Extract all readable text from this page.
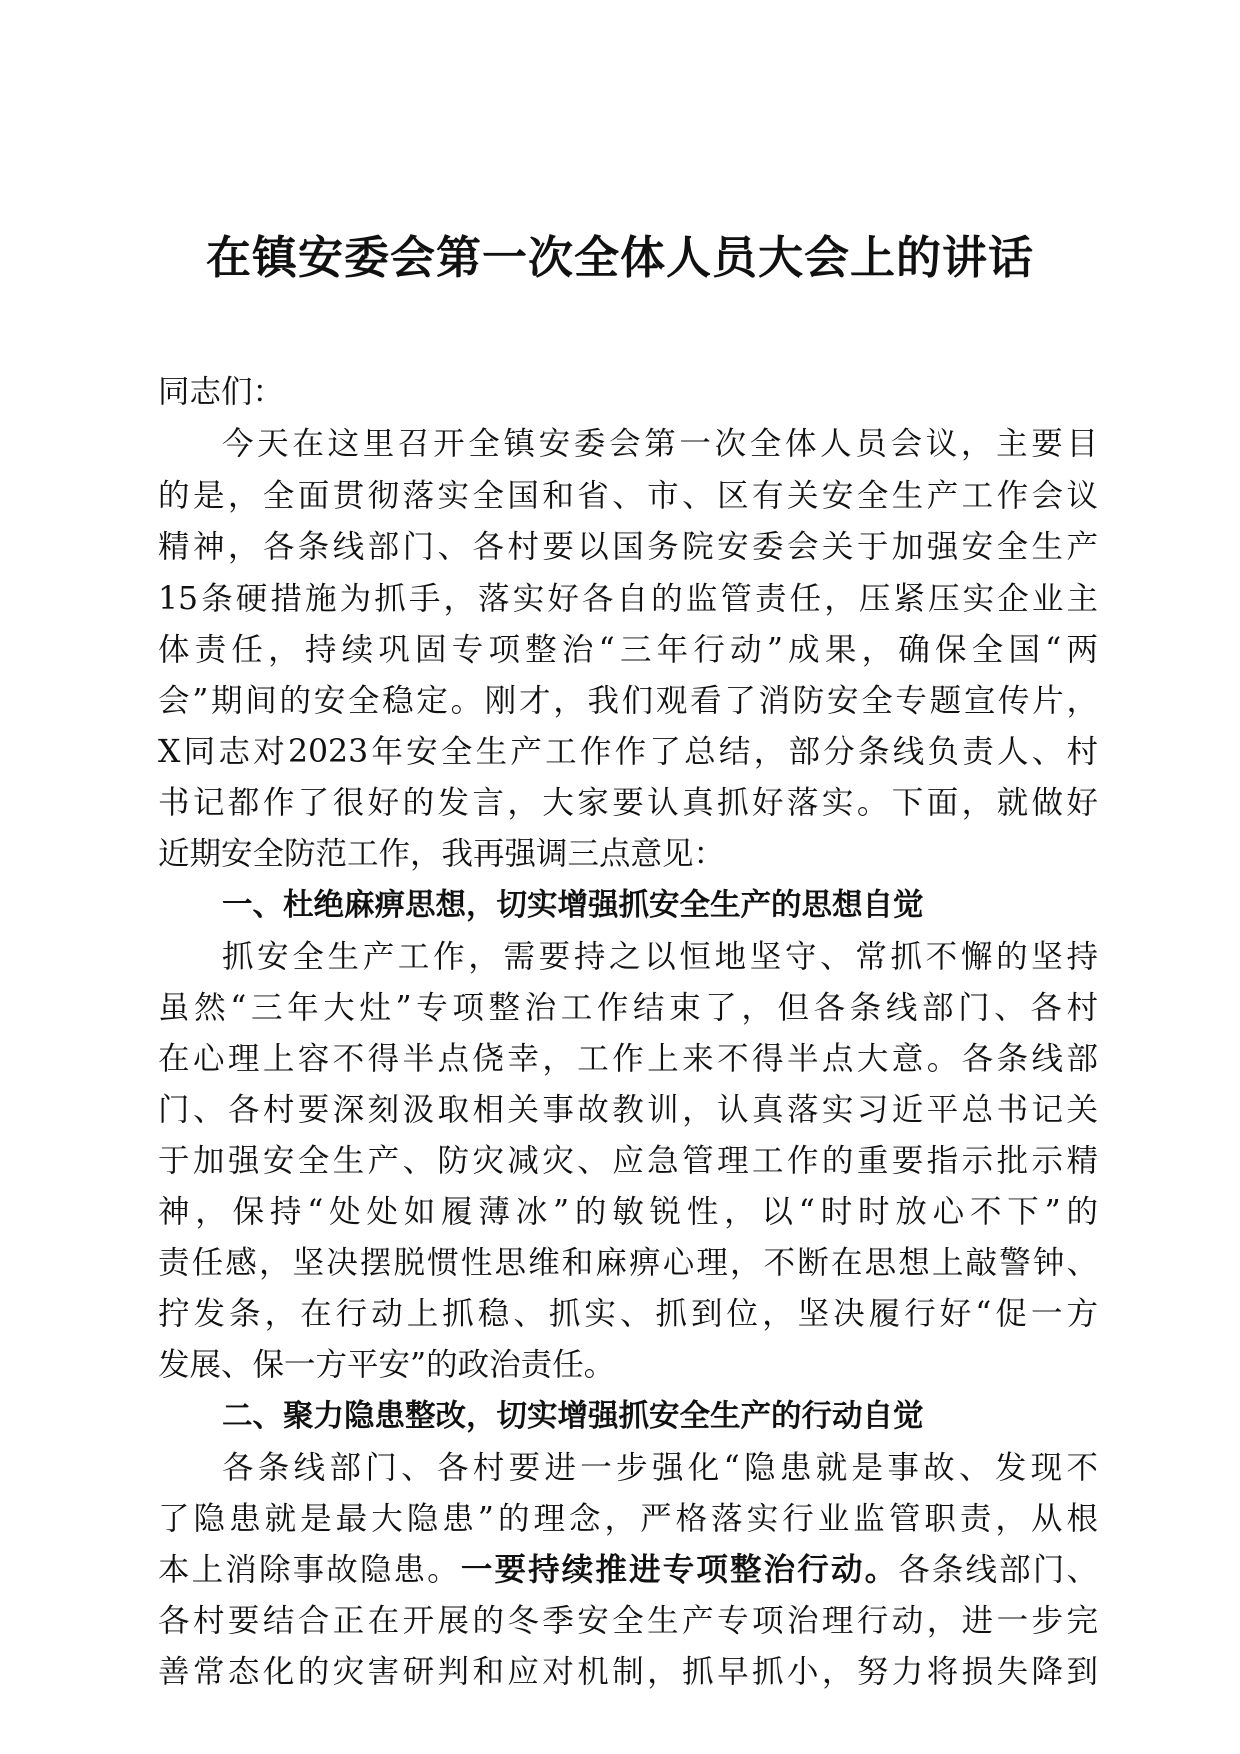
在镇安委会第一次全体人员大会上的讲话
同志们：
今天在这里召开全镇安委会第一次全体人员会议，主要目
的是，全面贯彻落实全国和省、市、区有关安全生产工作会议
精神，各条线部门、各村要以国务院安委会关于加强安全生产
15条硬措施为抓手，落实好各自的监管责任，压紧压实企业主
体责任，持续巩固专项整治“三年行动”成果，确保全国“两
会”期间的安全稳定。刚才，我们观看了消防安全专题宣传片，
X同志对2023年安全生产工作作了总结，部分条线负责人、村
书记都作了很好的发言，大家要认真抓好落实。下面，就做好
近期安全防范工作，我再强调三点意见：
一、杜绝麻痹思想，切实增强抓安全生产的思想自觉
抓安全生产工作，需要持之以恒地坚守、常抓不懈的坚持
虽然“三年大灶”专项整治工作结束了，但各条线部门、各村
在心理上容不得半点侥幸，工作上来不得半点大意。各条线部
门、各村要深刻汲取相关事故教训，认真落实习近平总书记关
于加强安全生产、防灾减灾、应急管理工作的重要指示批示精
神，保持“处处如履薄冰”的敏锐性，以“时时放心不下”的
责任感，坚决摆脱惯性思维和麻痹心理，不断在思想上敲警钟、
拧发条，在行动上抓稳、抓实、抓到位，坚决履行好“促一方
发展、保一方平安”的政治责任。
二、聚力隐患整改，切实增强抓安全生产的行动自觉
各条线部门、各村要进一步强化“隐患就是事故、发现不
了隐患就是最大隐患”的理念，严格落实行业监管职责，从根
本上消除事故隐患。一要持续推进专项整治行动。各条线部门、
各村要结合正在开展的冬季安全生产专项治理行动，进一步完
善常态化的灾害研判和应对机制，抓早抓小，努力将损失降到
